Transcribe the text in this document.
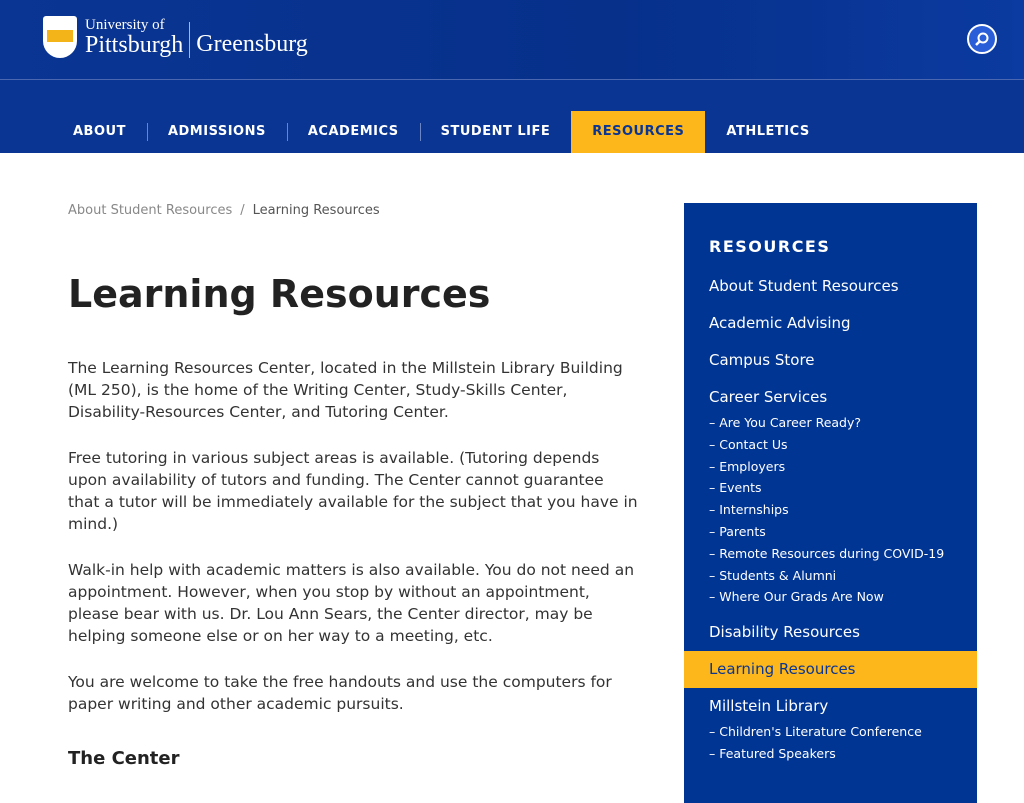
University of
Pittsburgh Greensburg
ABOUT	ADMISSIONS	ACADEMICS	STUDENT LIFE	RESOURCES	ATHLETICS
About Student Resources / Learning Resources
Learning Resources

The Learning Resources Center, located in the Millstein Library Building (ML 250), is the home of the Writing Center, Study-Skills Center, Disability-Resources Center, and Tutoring Center.

Free tutoring in various subject areas is available. (Tutoring depends upon availability of tutors and funding. The Center cannot guarantee that a tutor will be immediately available for the subject that you have in mind.)

Walk-in help with academic matters is also available. You do not need an appointment. However, when you stop by without an appointment, please bear with us. Dr. Lou Ann Sears, the Center director, may be helping someone else or on her way to a meeting, etc.

You are welcome to take the free handouts and use the computers for paper writing and other academic pursuits.

The Center
RESOURCES
About Student Resources
Academic Advising
Campus Store
Career Services
– Are You Career Ready?
– Contact Us
– Employers
– Events
– Internships
– Parents
– Remote Resources during COVID-19
– Students & Alumni
– Where Our Grads Are Now
Disability Resources
Learning Resources
Millstein Library
– Children's Literature Conference
– Featured Speakers
